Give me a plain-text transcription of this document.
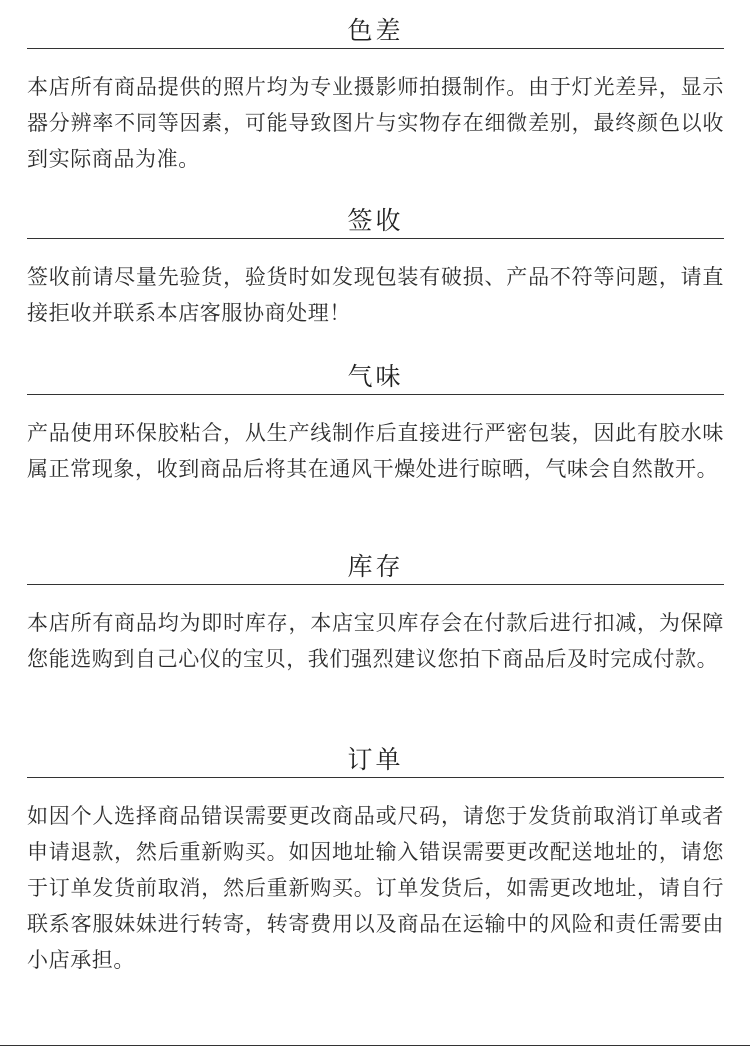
色差
本店所有商品提供的照片均为专业摄影师拍摄制作。由于灯光差异，显示器分辨率不同等因素，可能导致图片与实物存在细微差别，最终颜色以收到实际商品为准。
签收
签收前请尽量先验货，验货时如发现包装有破损、产品不符等问题，请直接拒收并联系本店客服协商处理！
气味
产品使用环保胶粘合，从生产线制作后直接进行严密包装，因此有胶水味属正常现象，收到商品后将其在通风干燥处进行晾晒，气味会自然散开。
库存
本店所有商品均为即时库存，本店宝贝库存会在付款后进行扣减，为保障您能选购到自己心仪的宝贝，我们强烈建议您拍下商品后及时完成付款。
订单
如因个人选择商品错误需要更改商品或尺码，请您于发货前取消订单或者申请退款，然后重新购买。如因地址输入错误需要更改配送地址的，请您于订单发货前取消，然后重新购买。订单发货后，如需更改地址，请自行联系客服妹妹进行转寄，转寄费用以及商品在运输中的风险和责任需要由小店承担。
